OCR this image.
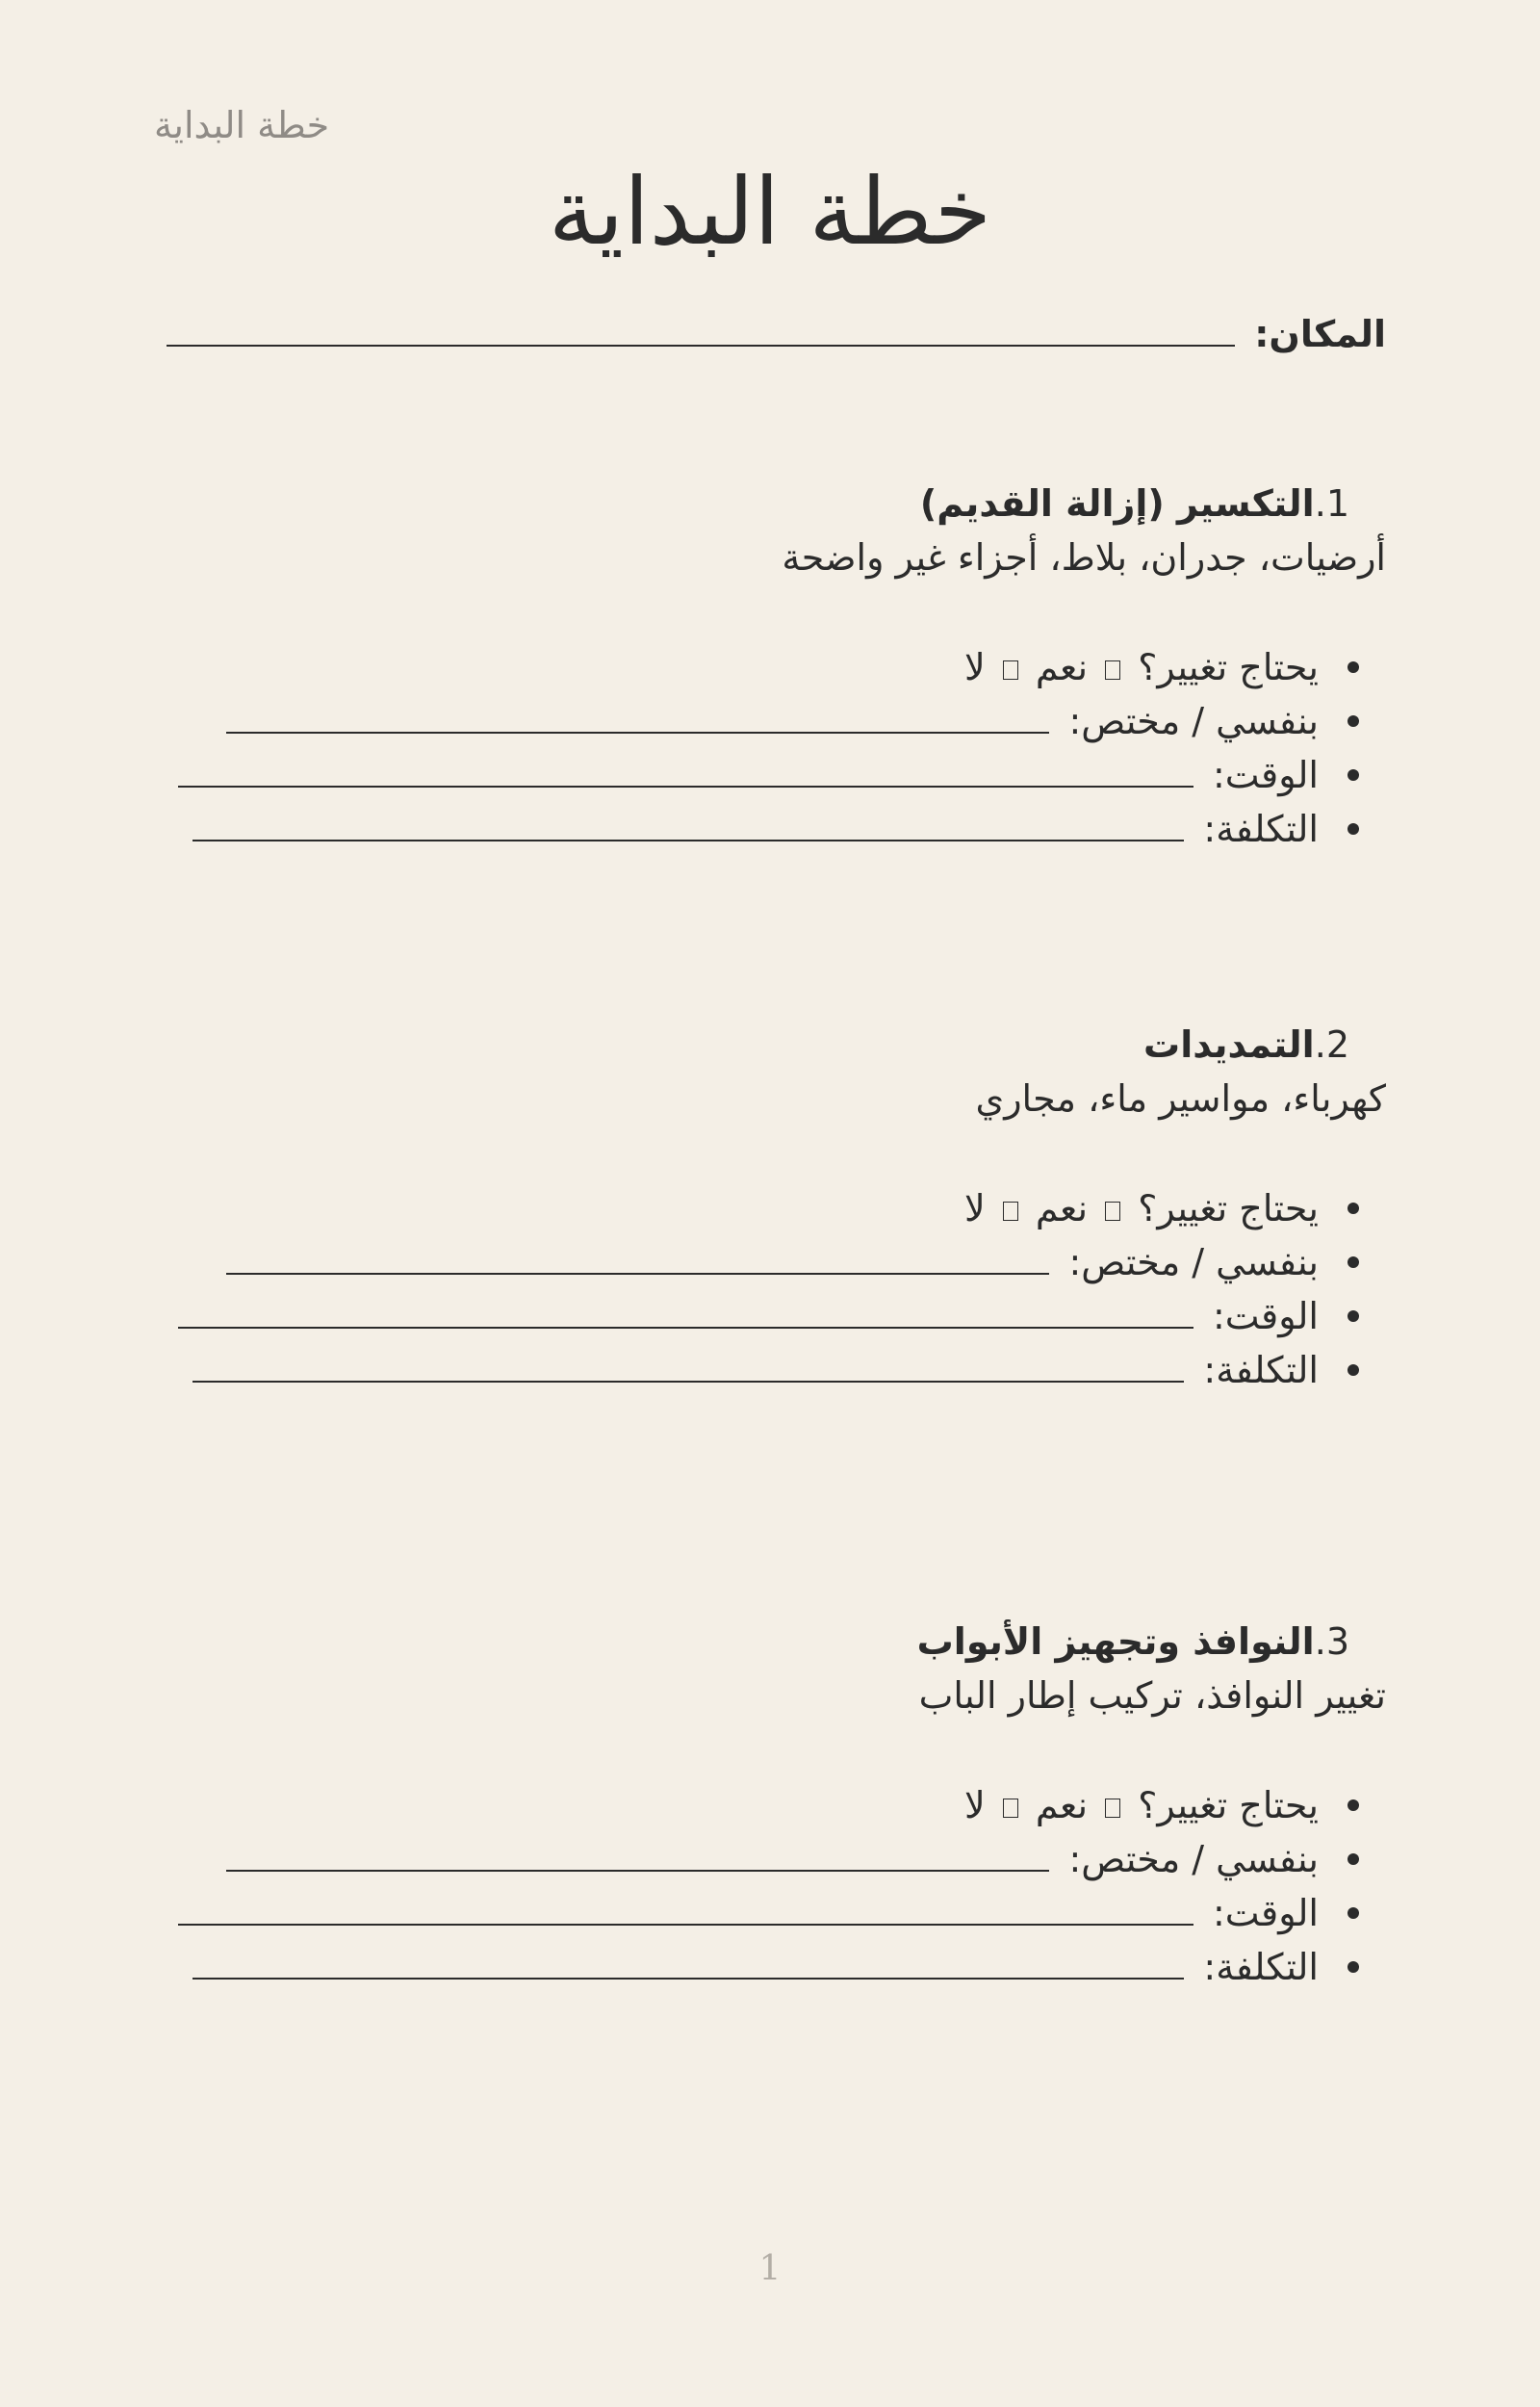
خطة البداية
خطة البداية
المكان:
1.التكسير (إزالة القديم)
أرضيات، جدران، بلاط، أجزاء غير واضحة
يحتاج تغيير؟  نعم  لا
بنفسي / مختص:
الوقت:
التكلفة:
2.التمديدات
كهرباء، مواسير ماء، مجاري
يحتاج تغيير؟  نعم  لا
بنفسي / مختص:
الوقت:
التكلفة:
3.النوافذ وتجهيز الأبواب
تغيير النوافذ، تركيب إطار الباب
يحتاج تغيير؟  نعم  لا
بنفسي / مختص:
الوقت:
التكلفة:
1
